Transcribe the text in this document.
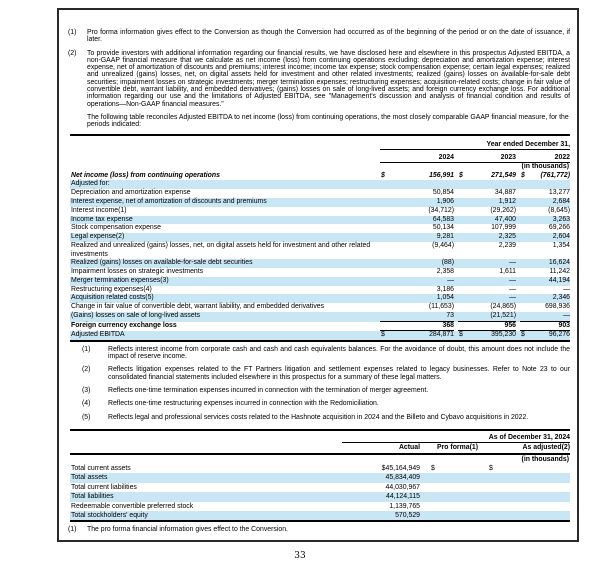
(1)	Pro forma information gives effect to the Conversion as though the Conversion had occurred as of the beginning of the period or on the date of issuance, if later.
(2)	To provide investors with additional information regarding our financial results, we have disclosed here and elsewhere in this prospectus Adjusted EBITDA, a non-GAAP financial measure that we calculate as net income (loss) from continuing operations excluding: depreciation and amortization expense; interest expense, net of amortization of discounts and premiums; interest income; income tax expense; stock compensation expense; certain legal expenses; realized and unrealized (gains) losses, net, on digital assets held for investment and other related investments; realized (gains) losses on available-for-sale debt securities; impairment losses on strategic investments; merger termination expenses; restructuring expenses; acquisition-related costs; change in fair value of convertible debt, warrant liability, and embedded derivatives; (gains) losses on sale of long-lived assets; and foreign currency exchange loss. For additional information regarding our use and the limitations of Adjusted EBITDA, see "Management's discussion and analysis of financial condition and results of operations—Non-GAAP financial measures."
The following table reconciles Adjusted EBITDA to net income (loss) from continuing operations, the most closely comparable GAAP financial measure, for the periods indicated:
Year ended December 31,
2024	2023	2022
(in thousands)
Net income (loss) from continuing operations	$	156,991 $	271,549 $ (761,772)
Adjusted for:
Depreciation and amortization expense	50,854	34,887	13,277
Interest expense, net of amortization of discounts and premiums	1,906	1,912	2,684
Interest income(1)	(34,712)	(29,262)	(8,645)
Income tax expense	64,583	47,400	3,263
Stock compensation expense	50,134	107,999	69,266
Legal expense(2)	9,281	2,325	2,604
Realized and unrealized (gains) losses, net, on digital assets held for investment and other related investments
(9,464)	2,239	1,354
Realized (gains) losses on available-for-sale debt securities	(88)	—	16,624
Impairment losses on strategic investments	2,358	1,611	11,242
Merger termination expenses(3)	—	—	44,194
Restructuring expenses(4)	3,186	—	—
Acquisition related costs(5)	1,054	—	2,346
Change in fair value of convertible debt, warrant liability, and embedded derivatives	(11,653)	(24,865)	698,936
(Gains) losses on sale of long-lived assets	73	(21,521)	—
Foreign currency exchange loss	368	956	903
Adjusted EBITDA	$	284,871 $	395,230 $	96,276
(1)	Reflects interest income from corporate cash and cash and cash equivalents balances. For the avoidance of doubt, this amount does not include the impact of reserve income.
(2)	Reflects litigation expenses related to the FT Partners litigation and settlement expenses related to legacy businesses. Refer to Note 23 to our consolidated financial statements included elsewhere in this prospectus for a summary of these legal matters.
(3)	Reflects one-time termination expenses incurred in connection with the termination of merger agreement.
(4)	Reflects one-time restructuring expenses incurred in connection with the Redomiciliation.
(5)	Reflects legal and professional services costs related to the Hashnote acquisition in 2024 and the Billeto and Cybavo acquisitions in 2022.
As of December 31, 2024
Actual	Pro forma(1)	As adjusted(2)
(in thousands)
Total current assets	$45,164,949 $	$
Total assets	45,834,409
Total current liabilities	44,030,967
Total liabilities	44,124,115
Redeemable convertible preferred stock	1,139,765
Total stockholders' equity	570,529
(1)	The pro forma financial information gives effect to the Conversion.
33
